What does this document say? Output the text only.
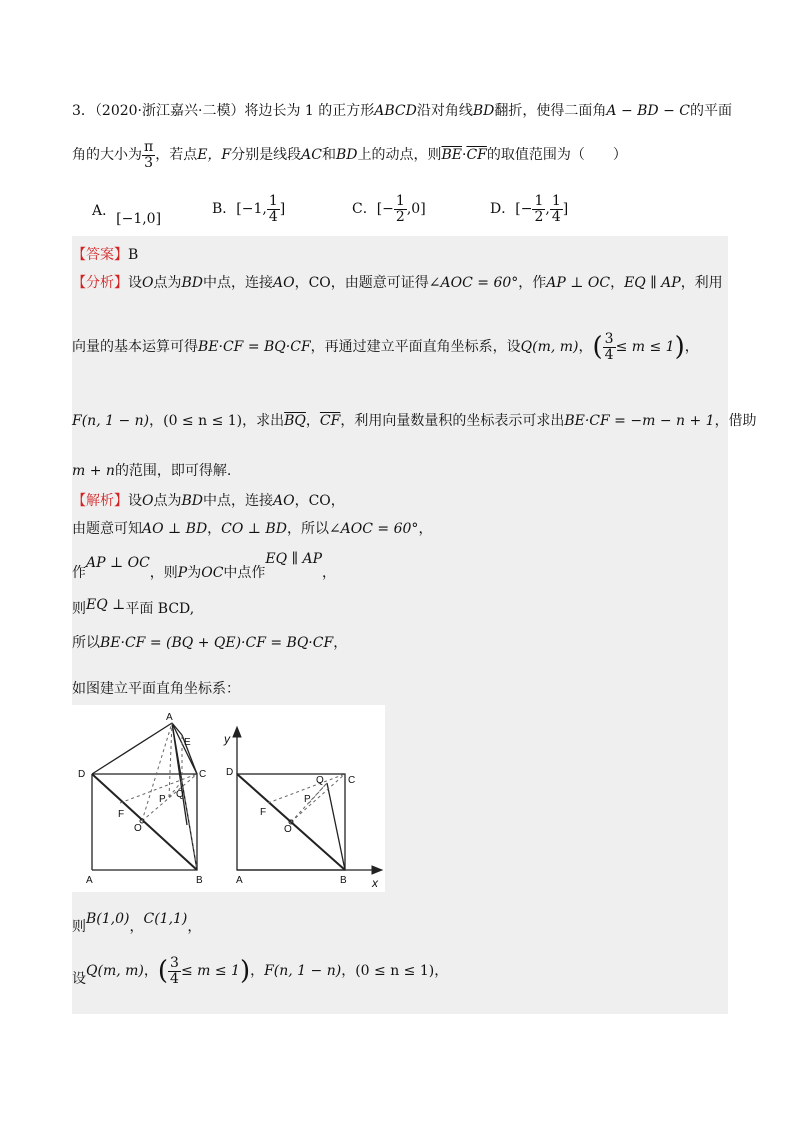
3．（2020·浙江嘉兴·二模）将边长为 1 的正方形ABCD沿对角线BD翻折，使得二面角A − BD − C的平面
角的大小为 $\frac{\pi}{3}$ ，若点E，F分别是线段AC和BD上的动点，则$\overline{BE}\cdot\overline{CF}$的取值范围为（　　）
A．[−1,0]
B．[−1, $\frac{1}{4}$ ]	C．[− $\frac{1}{2} ,0$]	D．[− $\frac{1}{2}$ , $\frac{1}{4}$ ]
【答案】B
【分析】设O点为BD中点，连接AO，CO，由题意可证得∠AOC = 60°，作AP ⊥ OC，EQ ∥ AP，利用
向量的基本运算可得BE·CF = BQ·CF，再通过建立平面直角坐标系，设Q(m, m)，( $\frac{3}{4} \le m \le 1$)，
F(n, 1 − n)，(0 ≤ n ≤ 1)，求出$\overline{BQ}$，$\overline{CF}$，利用向量数量积的坐标表示可求出BE·CF = −m − n + 1，借助
m + n的范围，即可得解.
【解析】设O点为BD中点，连接AO，CO，
由题意可知AO ⊥ BD，CO ⊥ BD，所以∠AOC = 60°，
作AP ⊥ OC，则P为OC中点作EQ ∥ AP，
则EQ ⊥平面 BCD,
所以BE·CF = (BQ + QE)·CF = BQ·CF，
如图建立平面直角坐标系：
A
E
D	C
Q
P
F
O
A	B
y
D
Q C
P
F
O
A	B x
则B(1,0)，C(1,1)，
设Q(m, m)，( $\frac{3}{4} \le m \le 1$)，F(n, 1 − n)，(0 ≤ n ≤ 1)，
